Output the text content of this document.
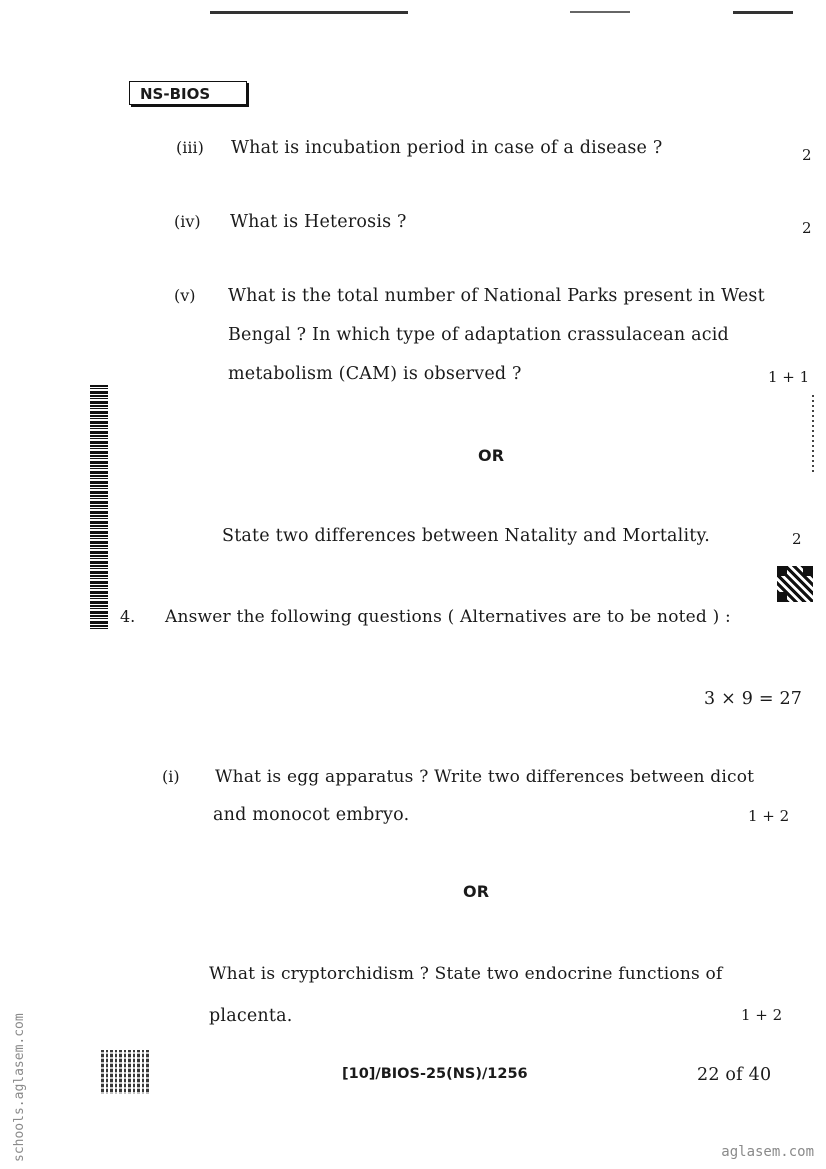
NS-BIOS
(iii) What is incubation period in case of a disease ?	2
(iv) What is Heterosis ?	2
(v) What is the total number of National Parks present in West
Bengal ? In which type of adaptation crassulacean acid
metabolism (CAM) is observed ?	1 + 1
OR
State two differences between Natality and Mortality.	2
4. Answer the following questions ( Alternatives are to be noted ) :
3 × 9 = 27
(i) What is egg apparatus ? Write two differences between dicot
and monocot embryo.	1 + 2
OR
What is cryptorchidism ? State two endocrine functions of
placenta.	1 + 2
[10]/BIOS-25(NS)/1256	22 of 40
schools.aglasem.com	aglasem.com
